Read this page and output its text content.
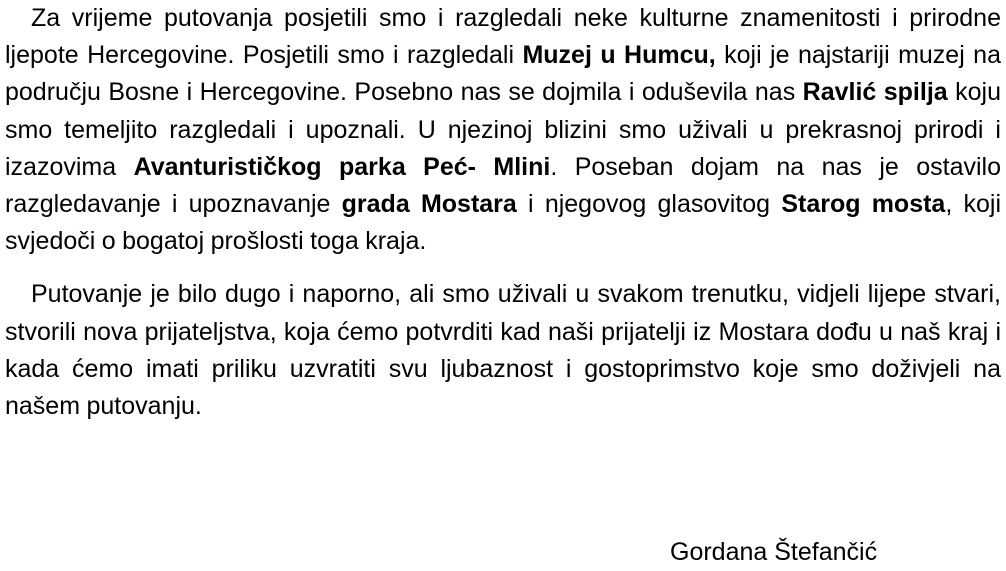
Za vrijeme putovanja posjetili smo i razgledali neke kulturne znamenitosti i prirodne ljepote Hercegovine. Posjetili smo i razgledali Muzej u Humcu, koji je najstariji muzej na području Bosne i Hercegovine. Posebno nas se dojmila i oduševila nas Ravlić spilja koju smo temeljito razgledali i upoznali. U njezinoj blizini smo uživali u prekrasnoj prirodi i izazovima Avanturističkog parka Peć- Mlini. Poseban dojam na nas je ostavilo razgledavanje i upoznavanje grada Mostara i njegovog glasovitog Starog mosta, koji svjedoči o bogatoj prošlosti toga kraja.

Putovanje je bilo dugo i naporno, ali smo uživali u svakom trenutku, vidjeli lijepe stvari, stvorili nova prijateljstva, koja ćemo potvrditi kad naši prijatelji iz Mostara dođu u naš kraj i kada ćemo imati priliku uzvratiti svu ljubaznost i gostoprimstvo koje smo doživjeli na našem putovanju.

Gordana Štefančić
